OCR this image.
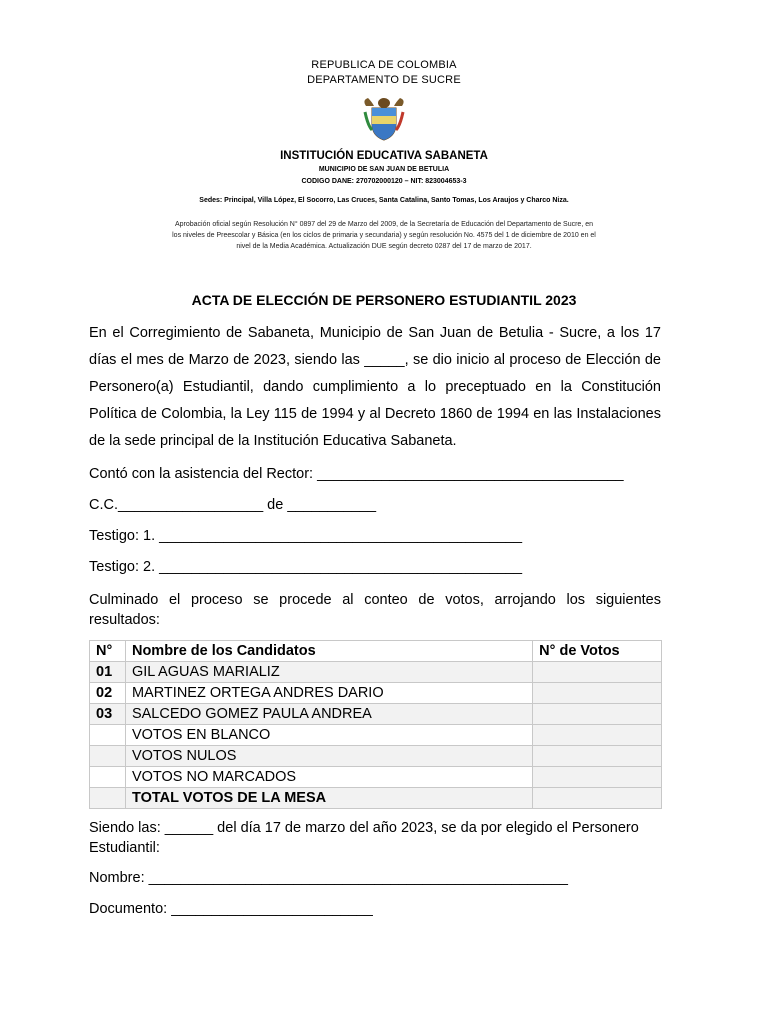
REPUBLICA DE COLOMBIA
DEPARTAMENTO DE SUCRE
INSTITUCIÓN EDUCATIVA SABANETA
MUNICIPIO DE SAN JUAN DE BETULIA
CODIGO DANE: 270702000120 – NIT: 823004653-3
Sedes: Principal, Villa López, El Socorro, Las Cruces, Santa Catalina, Santo Tomas, Los Araujos y Charco Niza.
Aprobación oficial según Resolución N° 0897 del 29 de Marzo del 2009, de la Secretaría de Educación del Departamento de Sucre, en
los niveles de Preescolar y Básica (en los ciclos de primaria y secundaria) y según resolución No. 4575 del 1 de diciembre de 2010 en el
nivel de la Media Académica. Actualización DUE según decreto 0287 del 17 de marzo de 2017.
ACTA DE ELECCIÓN DE PERSONERO ESTUDIANTIL 2023

En el Corregimiento de Sabaneta, Municipio de San Juan de Betulia - Sucre, a los 17 días el mes de Marzo de 2023, siendo las _____, se dio inicio al proceso de Elección de Personero(a) Estudiantil, dando cumplimiento a lo preceptuado en la Constitución Política de Colombia, la Ley 115 de 1994 y al Decreto 1860 de 1994 en las Instalaciones de la sede principal de la Institución Educativa Sabaneta.

Contó con la asistencia del Rector: ______________________________________
C.C.__________________ de ___________
Testigo: 1. _____________________________________________
Testigo: 2. _____________________________________________
Culminado el proceso se procede al conteo de votos, arrojando los siguientes resultados:
N°	Nombre de los Candidatos	N° de Votos
01	GIL AGUAS MARIALIZ	
02	MARTINEZ ORTEGA ANDRES DARIO	
03	SALCEDO GOMEZ PAULA ANDREA	
	VOTOS EN BLANCO	
	VOTOS NULOS	
	VOTOS NO MARCADOS	
	TOTAL VOTOS DE LA MESA	
Siendo las: ______ del día 17 de marzo del año 2023, se da por elegido el Personero Estudiantil:
Nombre: ____________________________________________________
Documento: _________________________
